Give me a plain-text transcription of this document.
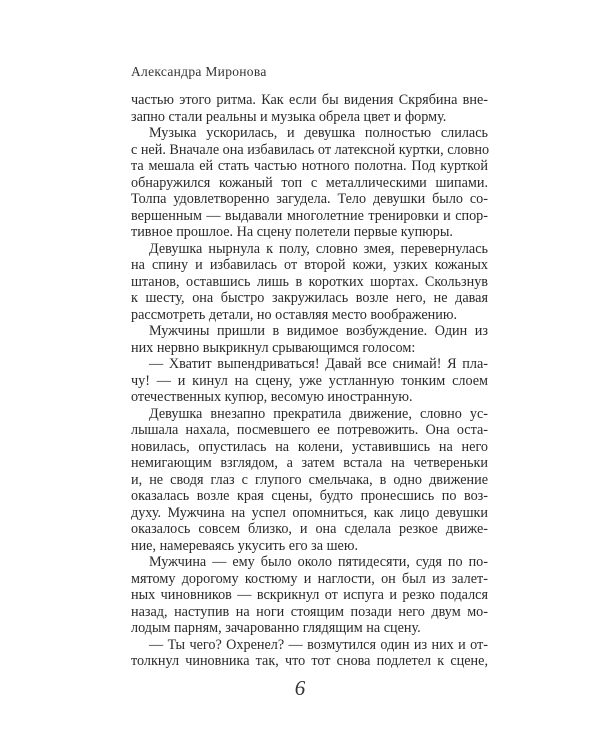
Александра Миронова
частью этого ритма. Как если бы видения Скрябина вне-
запно стали реальны и музыка обрела цвет и форму.
Музыка ускорилась, и девушка полностью слилась
с ней. Вначале она избавилась от латексной куртки, словно
та мешала ей стать частью нотного полотна. Под курткой
обнаружился кожаный топ с металлическими шипами.
Толпа удовлетворенно загудела. Тело девушки было со-
вершенным — выдавали многолетние тренировки и спор-
тивное прошлое. На сцену полетели первые купюры.
Девушка нырнула к полу, словно змея, перевернулась
на спину и избавилась от второй кожи, узких кожаных
штанов, оставшись лишь в коротких шортах. Скользнув
к шесту, она быстро закружилась возле него, не давая
рассмотреть детали, но оставляя место воображению.
Мужчины пришли в видимое возбуждение. Один из
них нервно выкрикнул срывающимся голосом:
— Хватит выпендриваться! Давай все снимай! Я пла-
чу! — и кинул на сцену, уже устланную тонким слоем
отечественных купюр, весомую иностранную.
Девушка внезапно прекратила движение, словно ус-
лышала нахала, посмевшего ее потревожить. Она оста-
новилась, опустилась на колени, уставившись на него
немигающим взглядом, а затем встала на четвереньки
и, не сводя глаз с глупого смельчака, в одно движение
оказалась возле края сцены, будто пронесшись по воз-
духу. Мужчина на успел опомниться, как лицо девушки
оказалось совсем близко, и она сделала резкое движе-
ние, намереваясь укусить его за шею.
Мужчина — ему было около пятидесяти, судя по по-
мятому дорогому костюму и наглости, он был из залет-
ных чиновников — вскрикнул от испуга и резко подался
назад, наступив на ноги стоящим позади него двум мо-
лодым парням, зачарованно глядящим на сцену.
— Ты чего? Охренел? — возмутился один из них и от-
толкнул чиновника так, что тот снова подлетел к сцене,
6
